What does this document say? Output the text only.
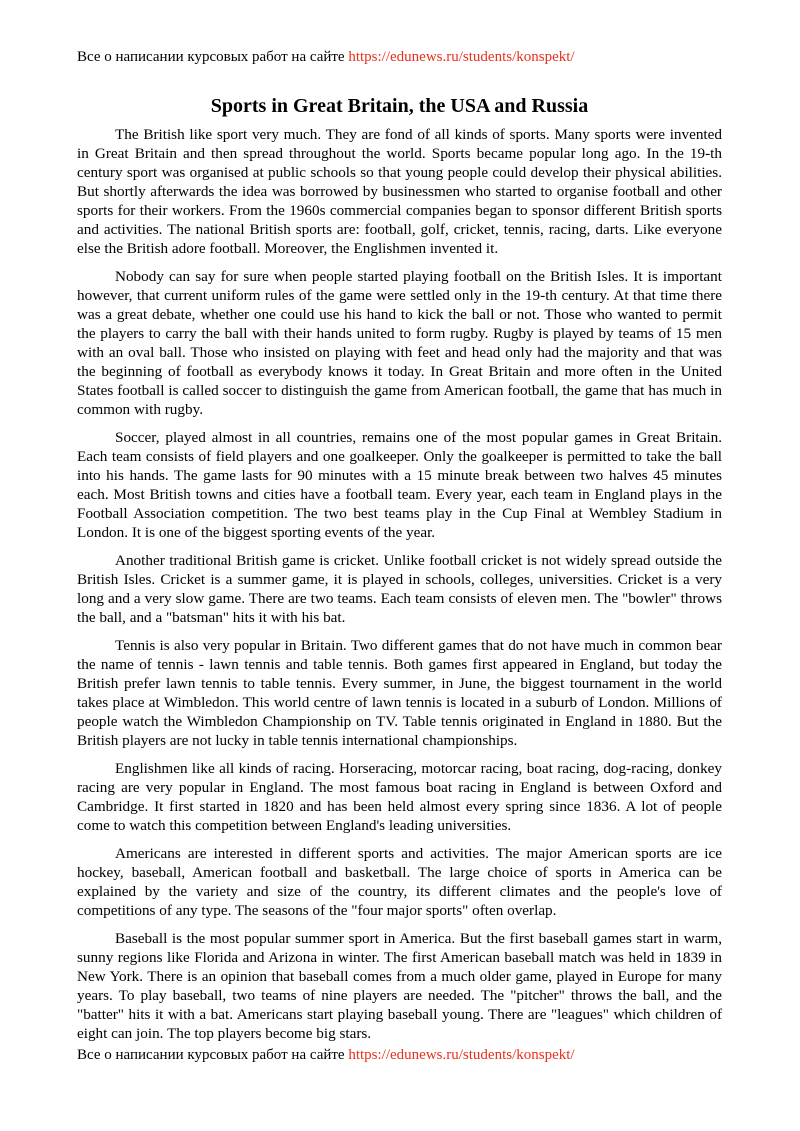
Все о написании курсовых работ на сайте https://edunews.ru/students/konspekt/
Sports in Great Britain, the USA and Russia

The British like sport very much. They are fond of all kinds of sports. Many sports were invented in Great Britain and then spread throughout the world. Sports became popular long ago. In the 19-th century sport was organised at public schools so that young people could develop their physical abilities. But shortly afterwards the idea was borrowed by businessmen who started to organise football and other sports for their workers. From the 1960s commercial companies began to sponsor different British sports and activities. The national British sports are: football, golf, cricket, tennis, racing, darts. Like everyone else the British adore football. Moreover, the Englishmen invented it.

Nobody can say for sure when people started playing football on the British Isles. It is important however, that current uniform rules of the game were settled only in the 19-th century. At that time there was a great debate, whether one could use his hand to kick the ball or not. Those who wanted to permit the players to carry the ball with their hands united to form rugby. Rugby is played by teams of 15 men with an oval ball. Those who insisted on playing with feet and head only had the majority and that was the beginning of football as everybody knows it today. In Great Britain and more often in the United States football is called soccer to distinguish the game from American football, the game that has much in common with rugby.

Soccer, played almost in all countries, remains one of the most popular games in Great Britain. Each team consists of field players and one goalkeeper. Only the goalkeeper is permitted to take the ball into his hands. The game lasts for 90 minutes with a 15 minute break between two halves 45 minutes each. Most British towns and cities have a football team. Every year, each team in England plays in the Football Association competition. The two best teams play in the Cup Final at Wembley Stadium in London. It is one of the biggest sporting events of the year.

Another traditional British game is cricket. Unlike football cricket is not widely spread outside the British Isles. Cricket is a summer game, it is played in schools, colleges, universities. Cricket is a very long and a very slow game. There are two teams. Each team consists of eleven men. The "bowler" throws the ball, and a "batsman" hits it with his bat.

Tennis is also very popular in Britain. Two different games that do not have much in common bear the name of tennis - lawn tennis and table tennis. Both games first appeared in England, but today the British prefer lawn tennis to table tennis. Every summer, in June, the biggest tournament in the world takes place at Wimbledon. This world centre of lawn tennis is located in a suburb of London. Millions of people watch the Wimbledon Championship on TV. Table tennis originated in England in 1880. But the British players are not lucky in table tennis international championships.

Englishmen like all kinds of racing. Horseracing, motorcar racing, boat racing, dog-racing, donkey racing are very popular in England. The most famous boat racing in England is between Oxford and Cambridge. It first started in 1820 and has been held almost every spring since 1836. A lot of people come to watch this competition between England's leading universities.

Americans are interested in different sports and activities. The major American sports are ice hockey, baseball, American football and basketball. The large choice of sports in America can be explained by the variety and size of the country, its different climates and the people's love of competitions of any type. The seasons of the "four major sports" often overlap.

Baseball is the most popular summer sport in America. But the first baseball games start in warm, sunny regions like Florida and Arizona in winter. The first American baseball match was held in 1839 in New York. There is an opinion that baseball comes from a much older game, played in Europe for many years. To play baseball, two teams of nine players are needed. The "pitcher" throws the ball, and the "batter" hits it with a bat. Americans start playing baseball young. There are "leagues" which children of eight can join. The top players become big stars.

Все о написании курсовых работ на сайте https://edunews.ru/students/konspekt/
